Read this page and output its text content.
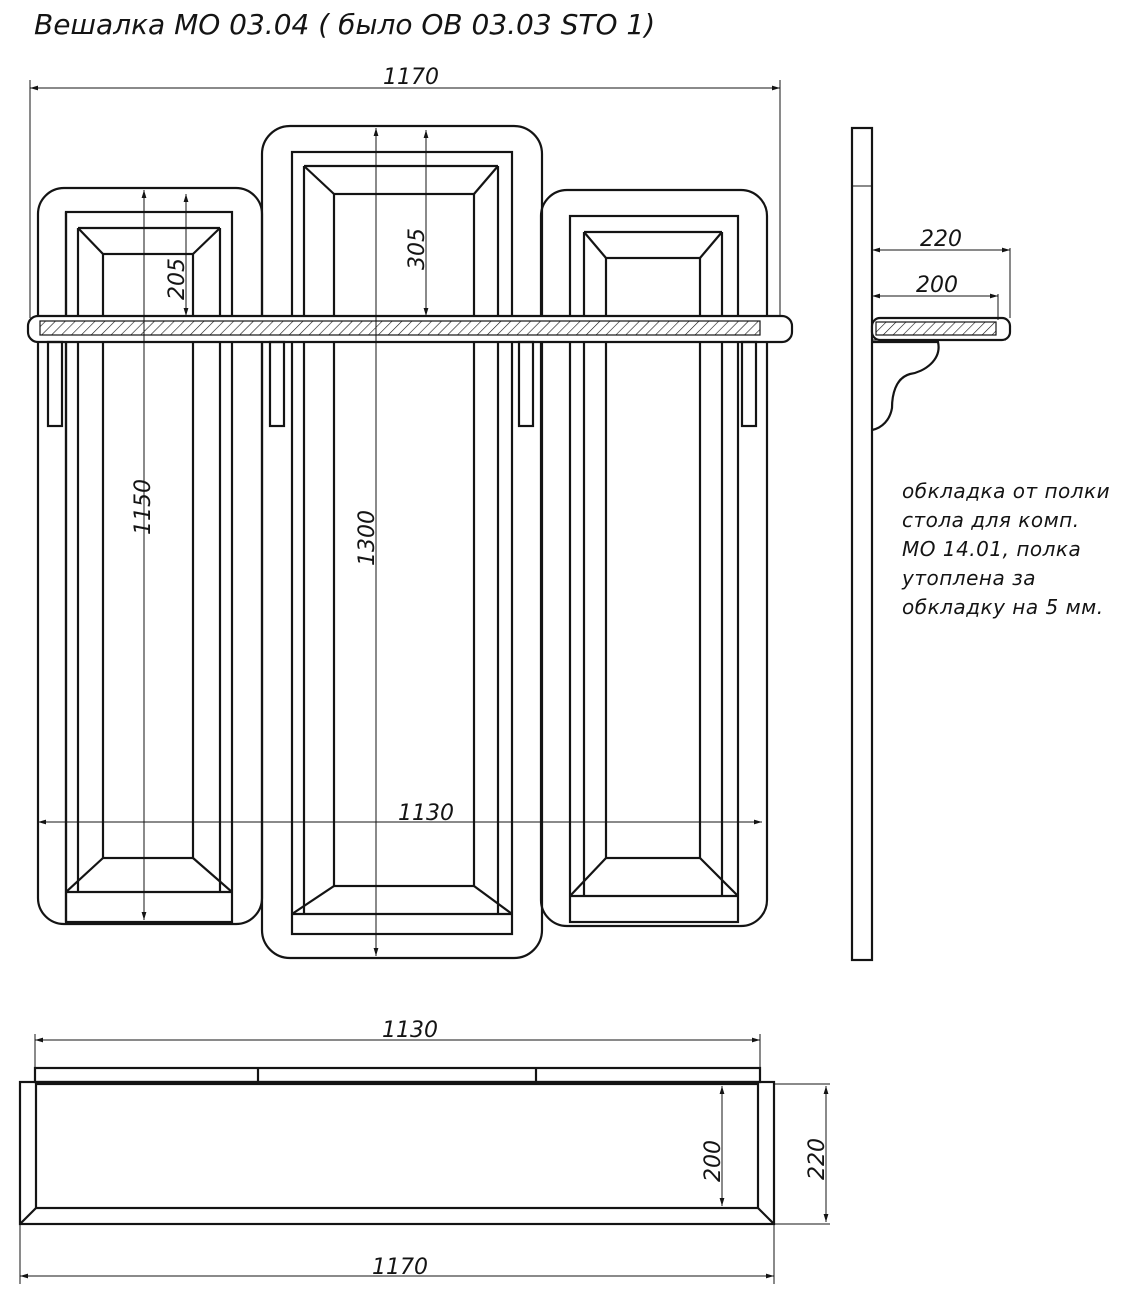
Вешалка МО 03.04 ( было ОВ 03.03 STO 1)
1170
1130
1150
205
1300
305	220
200
обкладка от полки
стола для комп.
МО 14.01, полка
утоплена за
обкладку на 5 мм.
1130
200	220
1170
